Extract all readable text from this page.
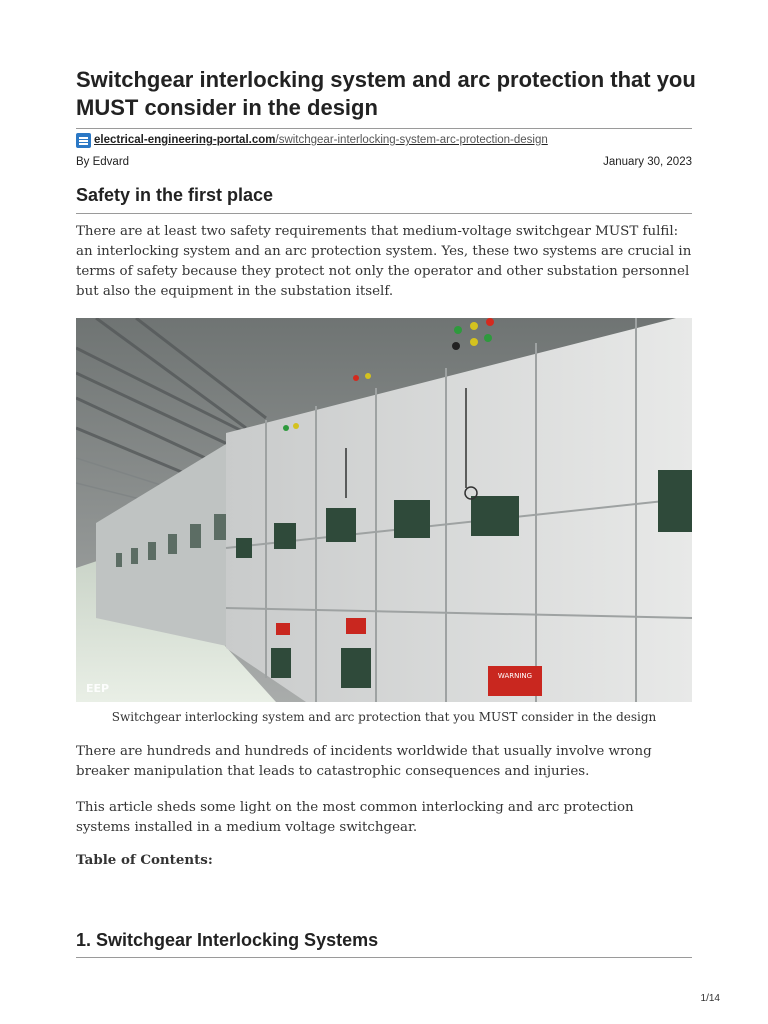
Switchgear interlocking system and arc protection that you MUST consider in the design
electrical-engineering-portal.com/switchgear-interlocking-system-arc-protection-design
By Edvard	January 30, 2023
Safety in the first place

There are at least two safety requirements that medium-voltage switchgear MUST fulfil: an interlocking system and an arc protection system. Yes, these two systems are crucial in terms of safety because they protect not only the operator and other substation personnel but also the equipment in the substation itself.

WARNING
EEP
Switchgear interlocking system and arc protection that you MUST consider in the design

There are hundreds and hundreds of incidents worldwide that usually involve wrong breaker manipulation that leads to catastrophic consequences and injuries.

This article sheds some light on the most common interlocking and arc protection systems installed in a medium voltage switchgear.

Table of Contents:
1. Switchgear Interlocking Systems
1/14
